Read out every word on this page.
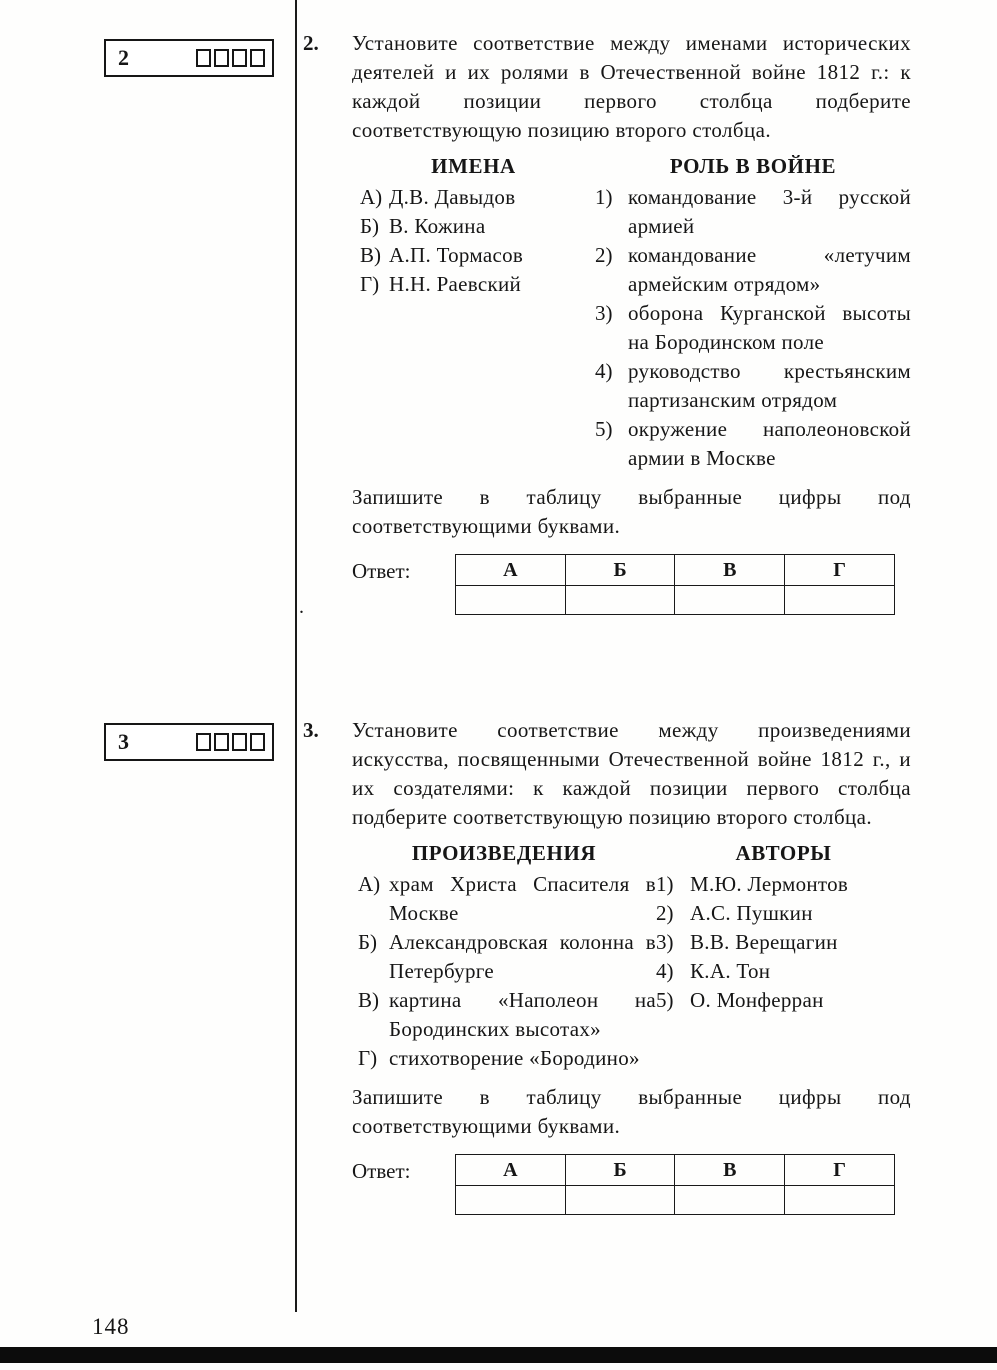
2
3
2.	Установите соответствие между именами исторических деятелей и их ролями в Отечественной войне 1812 г.: к каждой позиции первого столбца подберите соответствующую позицию второго столбца.

ИМЕНА
А) Д.В. Давыдов
Б) В. Кожина
В) А.П. Тормасов
Г) Н.Н. Раевский
РОЛЬ В ВОЙНЕ
1) командование 3-й русской армией
2) командование «летучим армейским отрядом»
3) оборона Курганской высоты на Бородинском поле
4) руководство крестьянским партизанским отрядом
5) окружение наполеоновской армии в Москве

Запишите в таблицу выбранные цифры под соответствующими буквами.

Ответ:	А	Б	В	Г

.
3.	Установите соответствие между произведениями искусства, посвященными Отечественной войне 1812 г., и их создателями: к каждой позиции первого столбца подберите соответствующую позицию второго столбца.

ПРОИЗВЕДЕНИЯ
А) храм Христа Спасителя в Москве
Б) Александровская колонна в Петербурге
В) картина «Наполеон на Бородинских высотах»
Г) стихотворение «Бородино»
АВТОРЫ
1) М.Ю. Лермонтов
2) А.С. Пушкин
3) В.В. Верещагин
4) К.А. Тон
5) О. Монферран

Запишите в таблицу выбранные цифры под соответствующими буквами.

Ответ:	А	Б	В	Г

148
